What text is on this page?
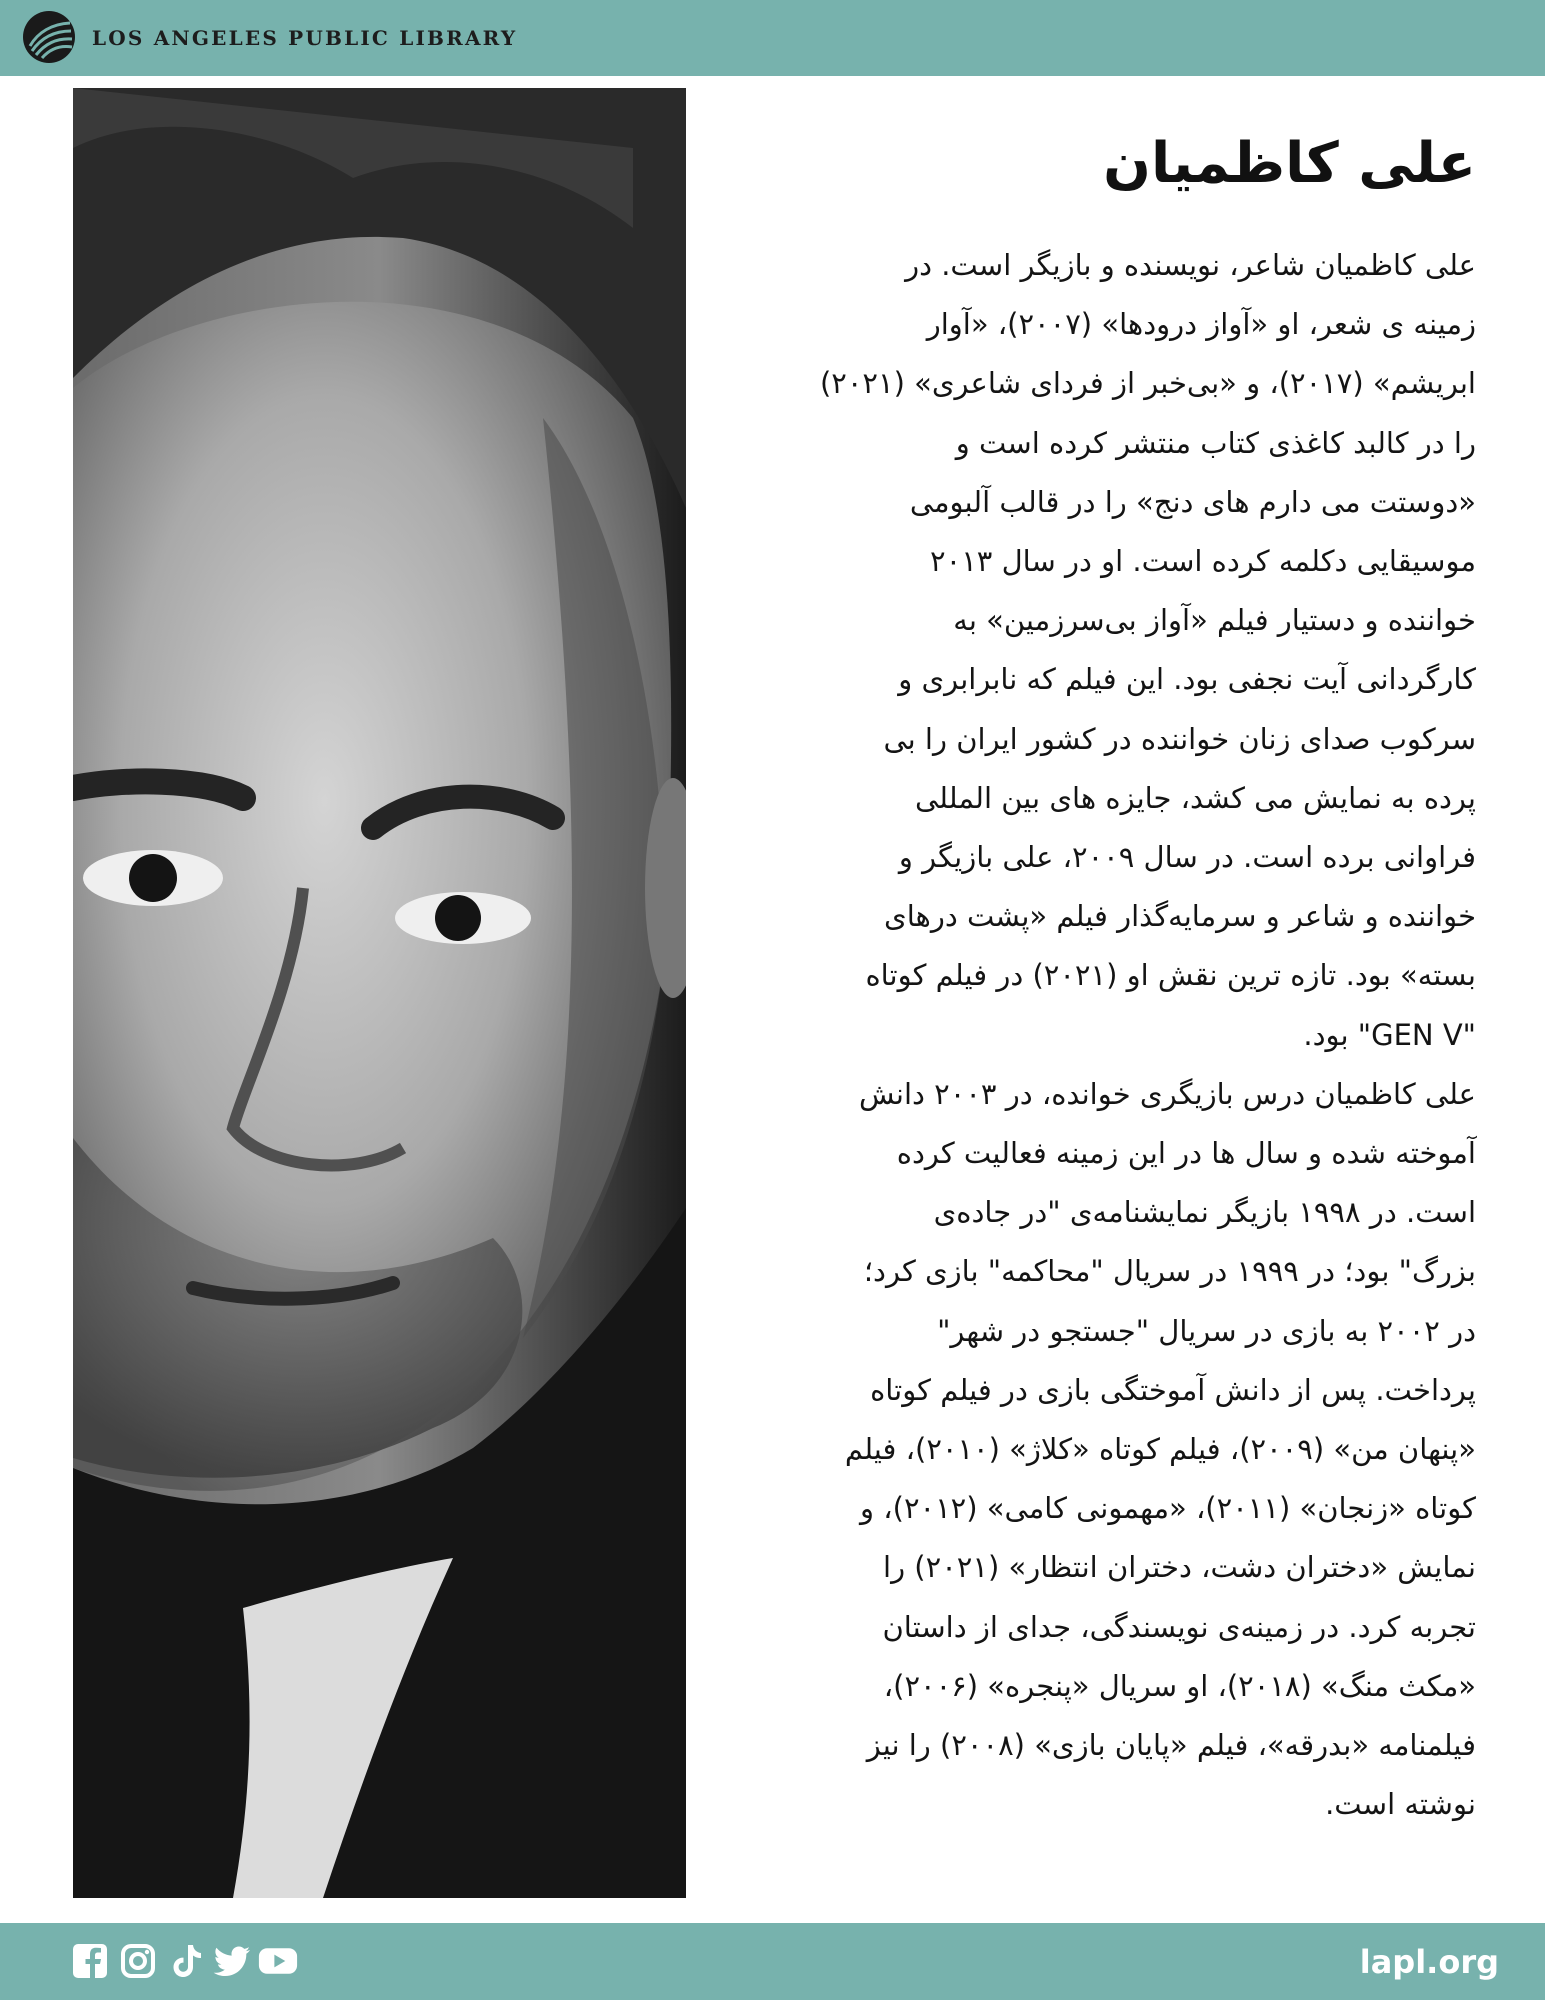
LOS ANGELES PUBLIC LIBRARY
علی کاظمیان
علی کاظمیان شاعر، نویسنده و بازیگر است. در
زمینه ی شعر، او «آواز درودها» (۲۰۰۷)، «آوار
ابریشم» (۲۰۱۷)، و «بی‌خبر از فردای شاعری» (۲۰۲۱)
را در کالبد کاغذی کتاب منتشر کرده است و
«دوستت می دارم های دنج» را در قالب آلبومی
موسیقایی دکلمه کرده است. او در سال ۲۰۱۳
خواننده و دستیار فیلم «آواز بی‌سرزمین» به
کارگردانی آیت نجفی بود. این فیلم که نابرابری و
سرکوب صدای زنان خواننده در کشور ایران را بی
پرده به نمایش می کشد، جایزه های بین المللی
فراوانی برده است. در سال ۲۰۰۹، علی بازیگر و
خواننده و شاعر و سرمایه‌گذار فیلم «پشت درهای
بسته» بود. تازه ترین نقش او (۲۰۲۱) در فیلم کوتاه
"GEN V" بود.
علی کاظمیان درس بازیگری خوانده، در ۲۰۰۳ دانش
آموخته شده و سال ها در این زمینه فعالیت کرده
است. در ۱۹۹۸ بازیگر نمایشنامه‌ی "در جاده‌ی
بزرگ" بود؛ در ۱۹۹۹ در سریال "محاکمه" بازی کرد؛
در ۲۰۰۲ به بازی در سریال "جستجو در شهر"
پرداخت. پس از دانش آموختگی بازی در فیلم کوتاه
«پنهان من» (۲۰۰۹)، فیلم کوتاه «کلاژ» (۲۰۱۰)، فیلم
کوتاه «زنجان» (۲۰۱۱)، «مهمونی کامی» (۲۰۱۲)، و
نمایش «دختران دشت، دختران انتظار» (۲۰۲۱) را
تجربه کرد. در زمینه‌ی نویسندگی، جدای از داستان
«مکث منگ» (۲۰۱۸)، او سریال «پنجره» (۲۰۰۶)،
فیلمنامه «بدرقه»، فیلم «پایان بازی» (۲۰۰۸) را نیز
نوشته است.
lapl.org
